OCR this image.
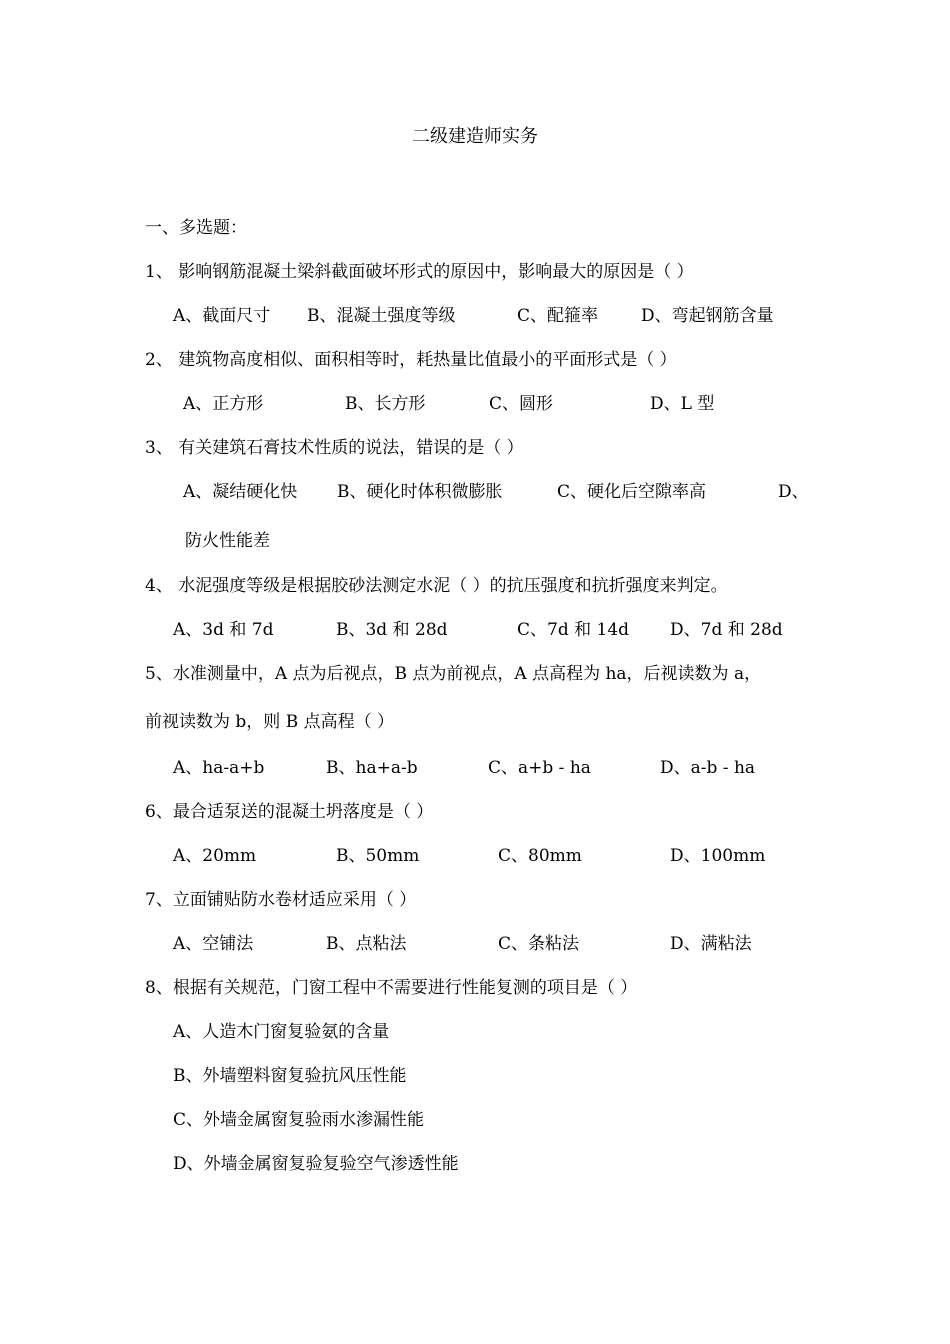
二级建造师实务
一、多选题：
1、 影响钢筋混凝土梁斜截面破坏形式的原因中，影响最大的原因是（ ）
A、截面尺寸 B、混凝土强度等级	C、配箍率	D、弯起钢筋含量
2、 建筑物高度相似、面积相等时，耗热量比值最小的平面形式是（ ）
A、正方形	B、长方形	C、圆形	D、L 型
3、 有关建筑石膏技术性质的说法，错误的是（ ）
A、凝结硬化快 B、硬化时体积微膨胀	C、硬化后空隙率高	D、
防火性能差
4、 水泥强度等级是根据胶砂法测定水泥（ ）的抗压强度和抗折强度来判定。
A、3d 和 7d	B、3d 和 28d	C、7d 和 14d D、7d 和 28d
5、水准测量中，A 点为后视点，B 点为前视点，A 点高程为 ha，后视读数为 a，
前视读数为 b，则 B 点高程（ ）
A、ha-a+b	B、ha+a-b	C、a+b - ha	D、a-b - ha
6、最合适泵送的混凝土坍落度是（ ）
A、20mm	B、50mm	C、80mm	D、100mm
7、立面铺贴防水卷材适应采用（ ）
A、空铺法	B、点粘法	C、条粘法	D、满粘法
8、根据有关规范，门窗工程中不需要进行性能复测的项目是（ ）
A、人造木门窗复验氨的含量
B、外墙塑料窗复验抗风压性能
C、外墙金属窗复验雨水渗漏性能
D、外墙金属窗复验复验空气渗透性能
